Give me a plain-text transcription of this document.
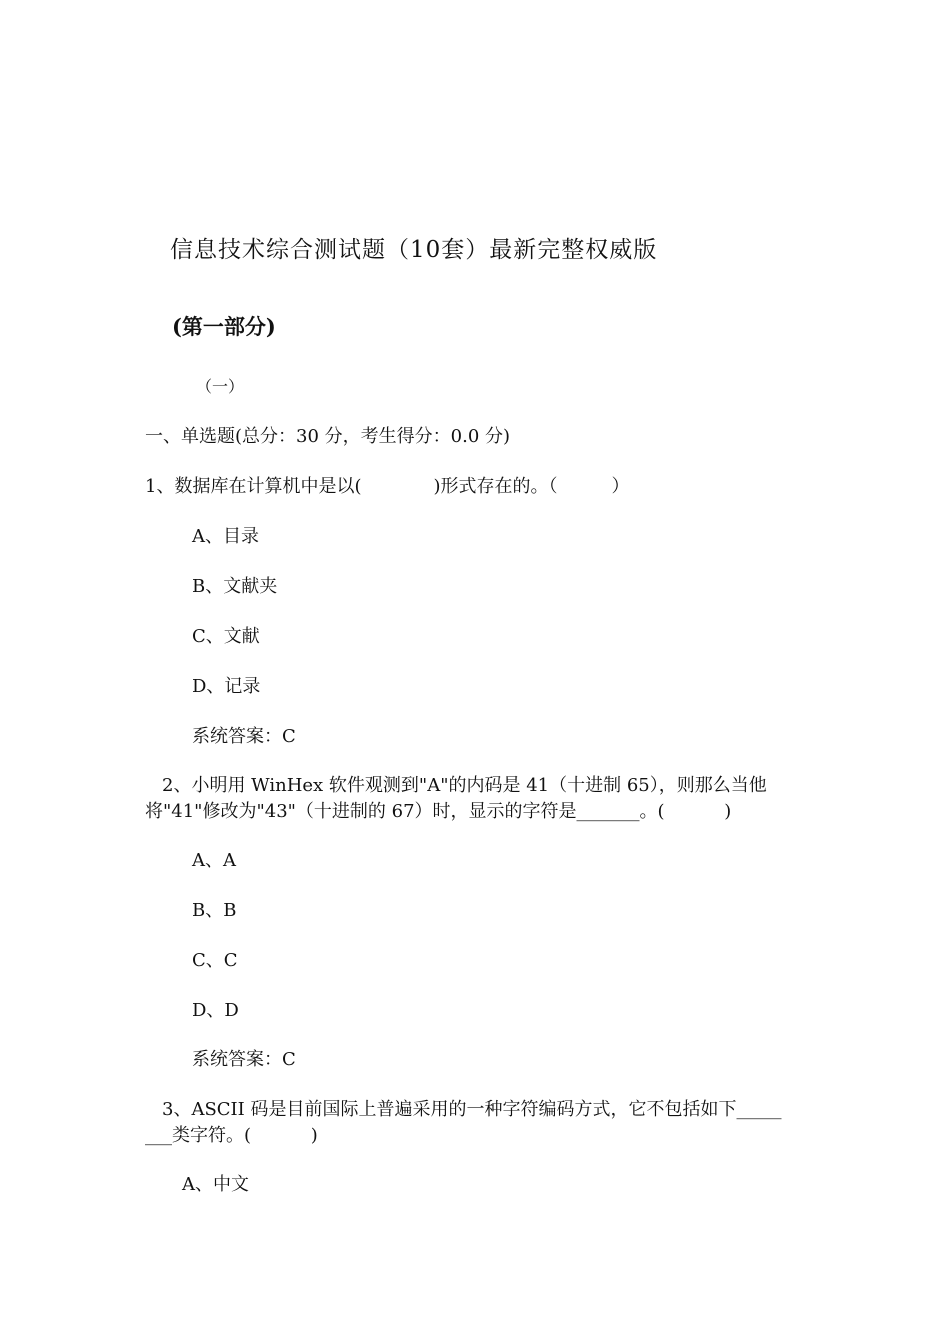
信息技术综合测试题（10套）最新完整权威版
(第一部分)
（一）
一、单选题(总分：30 分，考生得分：0.0 分)
1、数据库在计算机中是以(　　　　)形式存在的。（　　　）
A、目录
B、文献夹
C、文献
D、记录
系统答案：C
2、小明用 WinHex 软件观测到"A"的内码是 41（十进制 65），则那么当他
将"41"修改为"43"（十进制的 67）时，显示的字符是_______。(　　　 )
A、A
B、B
C、C
D、D
系统答案：C
3、ASCII 码是目前国际上普遍采用的一种字符编码方式，它不包括如下_____
___类字符。(　　　 )
A、中文
